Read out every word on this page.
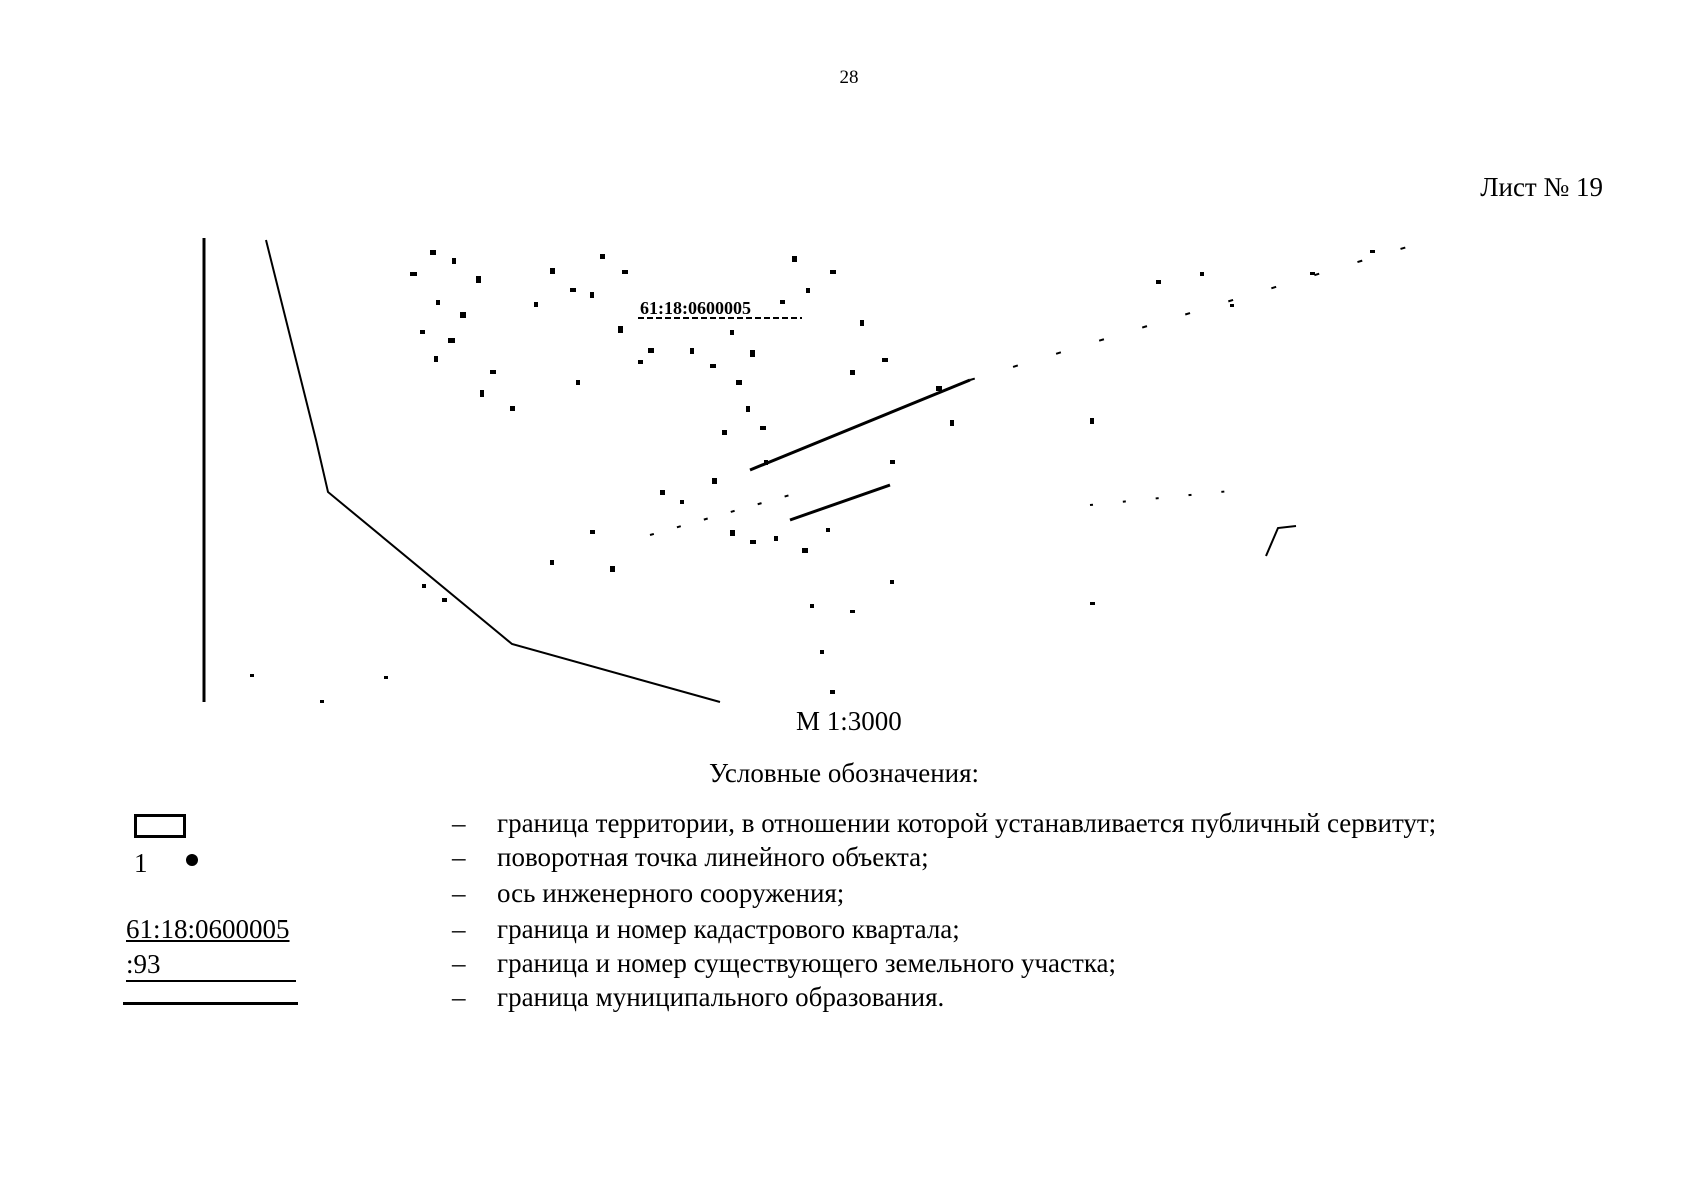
28
Лист № 19
61:18:0600005
М 1:3000
Условные обозначения:
– граница территории, в отношении которой устанавливается публичный сервитут;
1	– поворотная точка линейного объекта;
– ось инженерного сооружения;
61:18:0600005	– граница и номер кадастрового квартала;
:93	– граница и номер существующего земельного участка;
– граница муниципального образования.
